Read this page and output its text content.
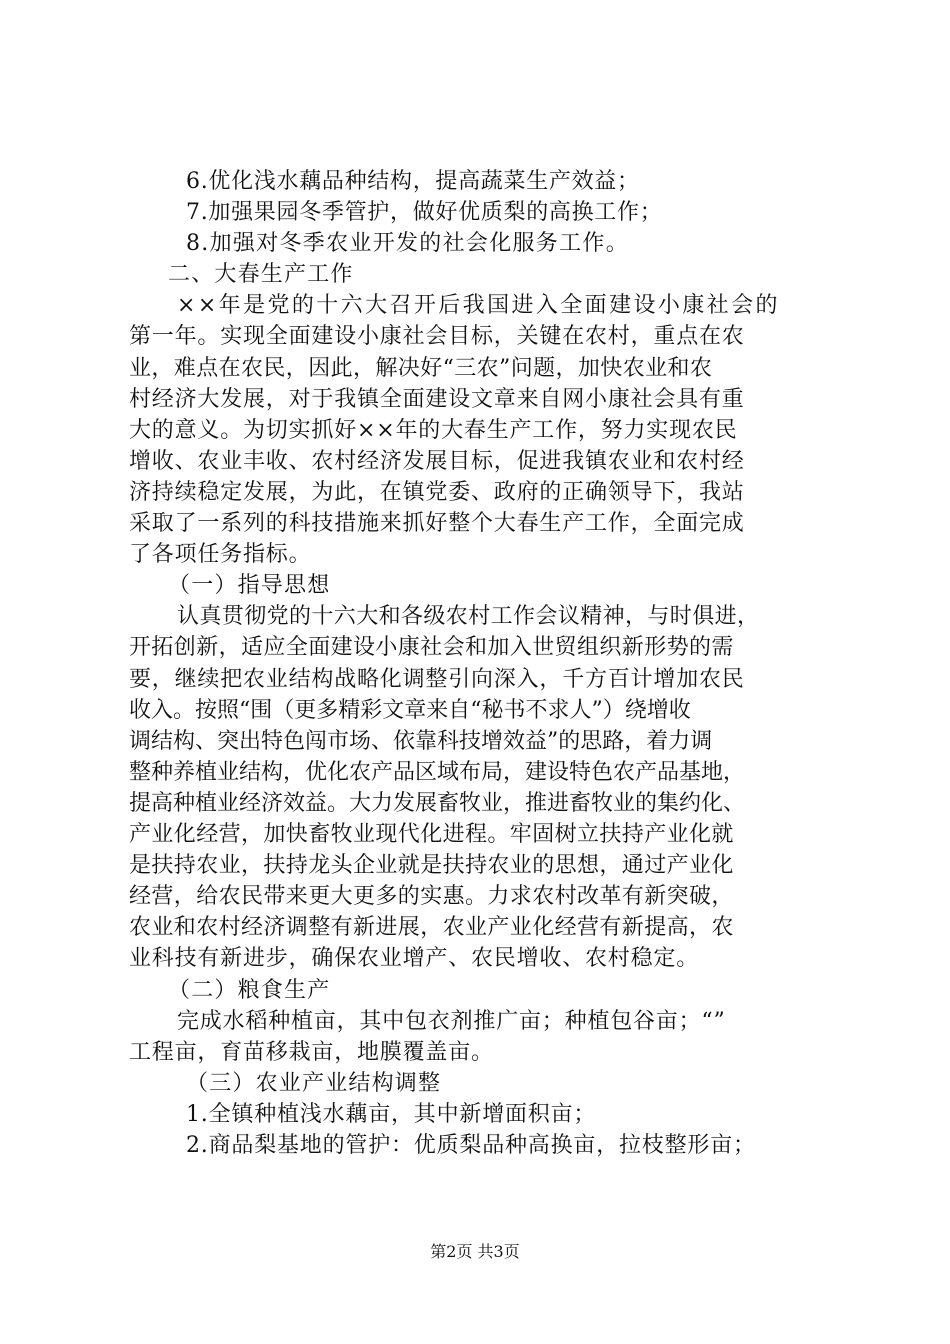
6.优化浅水藕品种结构，提高蔬菜生产效益；
7.加强果园冬季管护，做好优质梨的高换工作；
8.加强对冬季农业开发的社会化服务工作。
二、大春生产工作
××年是党的十六大召开后我国进入全面建设小康社会的
第一年。实现全面建设小康社会目标，关键在农村，重点在农
业，难点在农民，因此，解决好“三农”问题，加快农业和农
村经济大发展，对于我镇全面建设文章来自网小康社会具有重
大的意义。为切实抓好××年的大春生产工作，努力实现农民
增收、农业丰收、农村经济发展目标，促进我镇农业和农村经
济持续稳定发展，为此，在镇党委、政府的正确领导下，我站
采取了一系列的科技措施来抓好整个大春生产工作，全面完成
了各项任务指标。
（一）指导思想
认真贯彻党的十六大和各级农村工作会议精神，与时俱进，
开拓创新，适应全面建设小康社会和加入世贸组织新形势的需
要，继续把农业结构战略化调整引向深入，千方百计增加农民
收入。按照“围（更多精彩文章来自“秘书不求人”）绕增收
调结构、突出特色闯市场、依靠科技增效益”的思路，着力调
整种养植业结构，优化农产品区域布局，建设特色农产品基地，
提高种植业经济效益。大力发展畜牧业，推进畜牧业的集约化、
产业化经营，加快畜牧业现代化进程。牢固树立扶持产业化就
是扶持农业，扶持龙头企业就是扶持农业的思想，通过产业化
经营，给农民带来更大更多的实惠。力求农村改革有新突破，
农业和农村经济调整有新进展，农业产业化经营有新提高，农
业科技有新进步，确保农业增产、农民增收、农村稳定。
（二）粮食生产
完成水稻种植亩，其中包衣剂推广亩；种植包谷亩；“”
工程亩，育苗移栽亩，地膜覆盖亩。
（三）农业产业结构调整
1.全镇种植浅水藕亩，其中新增面积亩；
2.商品梨基地的管护：优质梨品种高换亩，拉枝整形亩；
第2页 共3页
